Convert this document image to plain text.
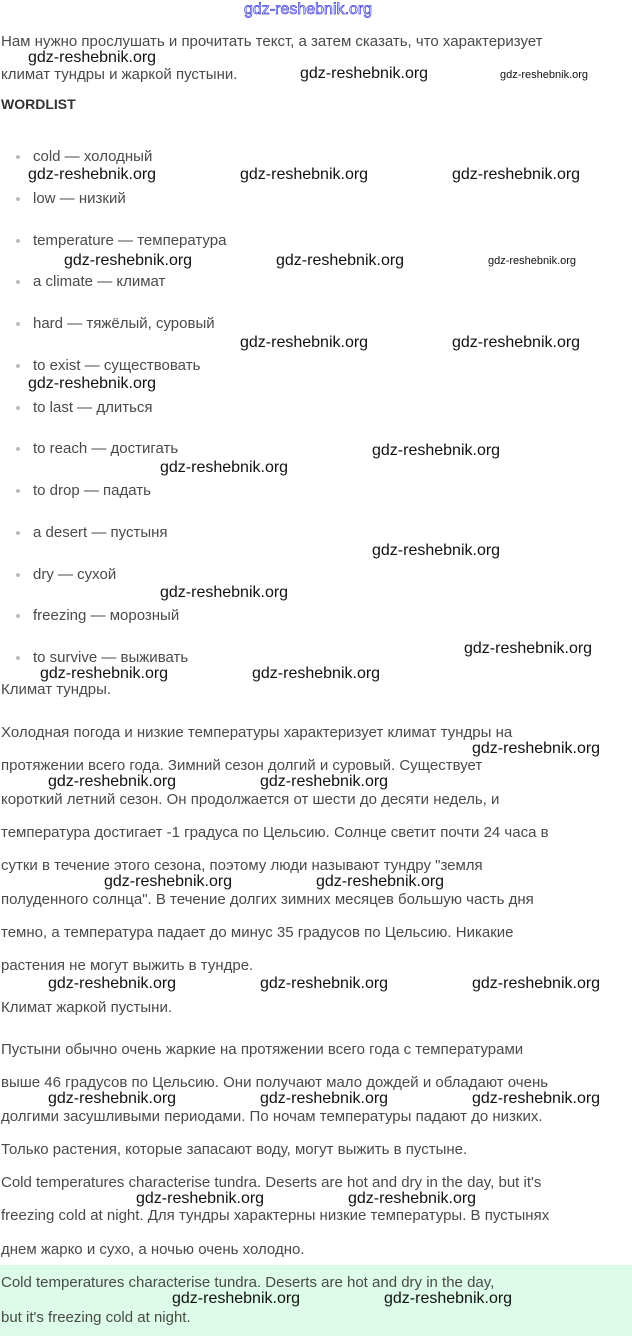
gdz-reshebnik.org
Нам нужно прослушать и прочитать текст, а затем сказать, что характеризует
климат тундры и жаркой пустыни.
cold — холодный
low — низкий
temperature — температура
a climate — климат
hard — тяжёлый, суровый
to exist — существовать
to last — длиться
to reach — достигать
to drop — падать
a desert — пустыня
dry — сухой
freezing — морозный
to survive — выживать
Климат тундры.
Холодная погода и низкие температуры характеризует климат тундры на
протяжении всего года. Зимний сезон долгий и суровый. Существует
короткий летний сезон. Он продолжается от шести до десяти недель, и
температура достигает -1 градуса по Цельсию. Солнце светит почти 24 часа в
сутки в течение этого сезона, поэтому люди называют тундру "земля
полуденного солнца". В течение долгих зимних месяцев большую часть дня
темно, а температура падает до минус 35 градусов по Цельсию. Никакие
растения не могут выжить в тундре.
Климат жаркой пустыни.
Пустыни обычно очень жаркие на протяжении всего года с температурами
выше 46 градусов по Цельсию. Они получают мало дождей и обладают очень
долгими засушливыми периодами. По ночам температуры падают до низких.
Только растения, которые запасают воду, могут выжить в пустыне.
Cold temperatures characterise tundra. Deserts are hot and dry in the day, but it's
freezing cold at night. Для тундры характерны низкие температуры. В пустынях
днем жарко и сухо, а ночью очень холодно.
Cold temperatures characterise tundra. Deserts are hot and dry in the day,
but it's freezing cold at night.
WORDLIST
gdz-reshebnik.org
gdz-reshebnik.org	gdz-reshebnik.org
gdz-reshebnik.org	gdz-reshebnik.org	gdz-reshebnik.org
gdz-reshebnik.org	gdz-reshebnik.org	gdz-reshebnik.org
gdz-reshebnik.org	gdz-reshebnik.org
gdz-reshebnik.org
gdz-reshebnik.org
gdz-reshebnik.org
gdz-reshebnik.org
gdz-reshebnik.org
gdz-reshebnik.org
gdz-reshebnik.org	gdz-reshebnik.org
gdz-reshebnik.org
gdz-reshebnik.org	gdz-reshebnik.org
gdz-reshebnik.org	gdz-reshebnik.org
gdz-reshebnik.org	gdz-reshebnik.org	gdz-reshebnik.org
gdz-reshebnik.org	gdz-reshebnik.org	gdz-reshebnik.org
gdz-reshebnik.org	gdz-reshebnik.org
gdz-reshebnik.org	gdz-reshebnik.org
